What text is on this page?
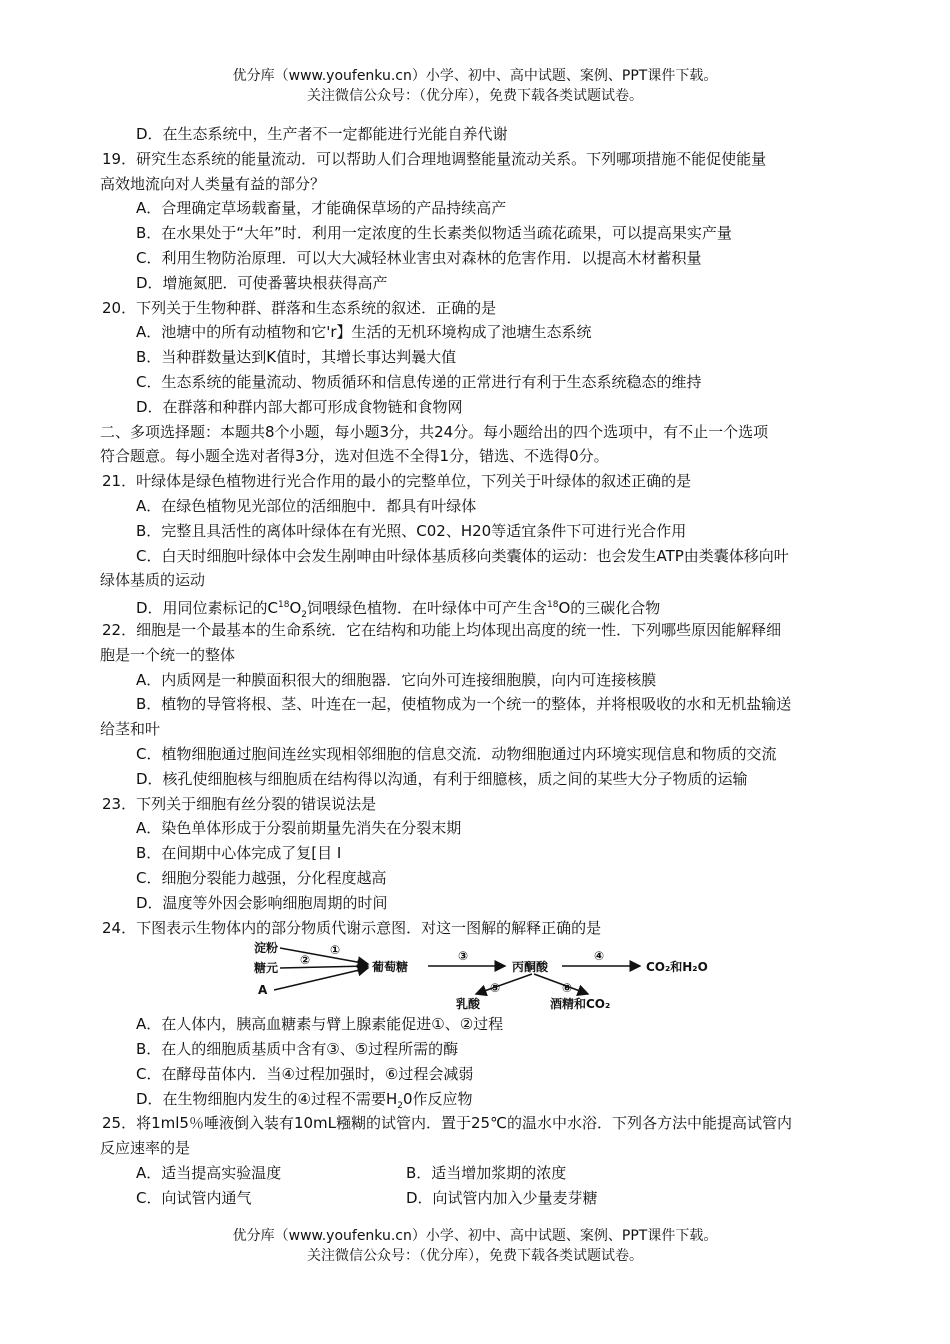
优分库（www.youfenku.cn）小学、初中、高中试题、案例、PPT课件下载。
关注微信公众号：（优分库），免费下载各类试题试卷。
D．在生态系统中，生产者不一定都能进行光能自养代谢
19．研究生态系统的能量流动．可以帮助人们合理地调整能量流动关系。下列哪项措施不能促使能量
高效地流向对人类量有益的部分？
A．合理确定草场载畜量，才能确保草场的产品持续高产
B．在水果处于“大年”时．利用一定浓度的生长素类似物适当疏花疏果，可以提高果实产量
C．利用生物防治原理．可以大大减轻林业害虫对森林的危害作用．以提高木材蓄积量
D．增施氮肥．可使番薯块根获得高产
20．下列关于生物种群、群落和生态系统的叙述．正确的是
A．池塘中的所有动植物和它'r】生活的无机环境构成了池塘生态系统
B．当种群数量达到K值时，其增长事达判曩大值
C．生态系统的能量流动、物质循环和信息传递的正常进行有利于生态系统稳态的维持
D．在群落和种群内部大都可形成食物链和食物网
二、多项选择题：本题共8个小题，每小题3分，共24分。每小题给出的四个选项中，有不止一个选项
符合题意。每小题全选对者得3分，选对但选不全得1分，错选、不选得0分。
21．叶绿体是绿色植物进行光合作用的最小的完整单位，下列关于叶绿体的叙述正确的是
A．在绿色植物见光部位的活细胞中．都具有叶绿体
B．完整且具活性的离体叶绿体在有光照、C02、H20等适宜条件下可进行光合作用
C．白天时细胞叶绿体中会发生剐呻由叶绿体基质移向类囊体的运动：也会发生ATP由类囊体移向叶
绿体基质的运动
D．用同位素标记的$C^{18}O_2$饲喂绿色植物．在叶绿体中可产生含$^{18}$O的三碳化合物
22．细胞是一个最基本的生命系统．它在结构和功能上均体现出高度的统一性．下列哪些原因能解释细
胞是一个统一的整体
A．内质网是一种膜面积很大的细胞器．它向外可连接细胞膜，向内可连接核膜
B．植物的导管将根、茎、叶连在一起，使植物成为一个统一的整体，并将根吸收的水和无机盐输送
给茎和叶
C．植物细胞通过胞间连丝实现相邻细胞的信息交流．动物细胞通过内环境实现信息和物质的交流
D．核孔使细胞核与细胞质在结构得以沟通，有利于细臆核，质之间的某些大分子物质的运输
23．下列关于细胞有丝分裂的错误说法是
A．染色单体形成于分裂前期量先消失在分裂末期
B．在间期中心体完成了复[目 I
C．细胞分裂能力越强，分化程度越高
D．温度等外因会影响细胞周期的时间
24．下图表示生物体内的部分物质代谢示意图．对这一图解的解释正确的是
淀粉
糖元
A
①
②	葡萄糖
③
丙酮酸
④
CO₂和H₂O
⑤
乳酸
⑥
酒精和CO₂
A．在人体内，胰高血糖素与臂上腺素能促进①、②过程
B．在人的细胞质基质中含有③、⑤过程所需的酶
C．在酵母苗体内．当④过程加强时，⑥过程会减弱
D．在生物细胞内发生的④过程不需要$H_20$作反应物
25．将1ml5％唾液倒入装有10mL糨糊的试管内．置于25℃的温水中水浴．下列各方法中能提高试管内
反应速率的是
A．适当提高实验温度	B．适当增加浆期的浓度
C．向试管内通气	D．向试管内加入少量麦芽糖
优分库（www.youfenku.cn）小学、初中、高中试题、案例、PPT课件下载。
关注微信公众号：（优分库），免费下载各类试题试卷。
